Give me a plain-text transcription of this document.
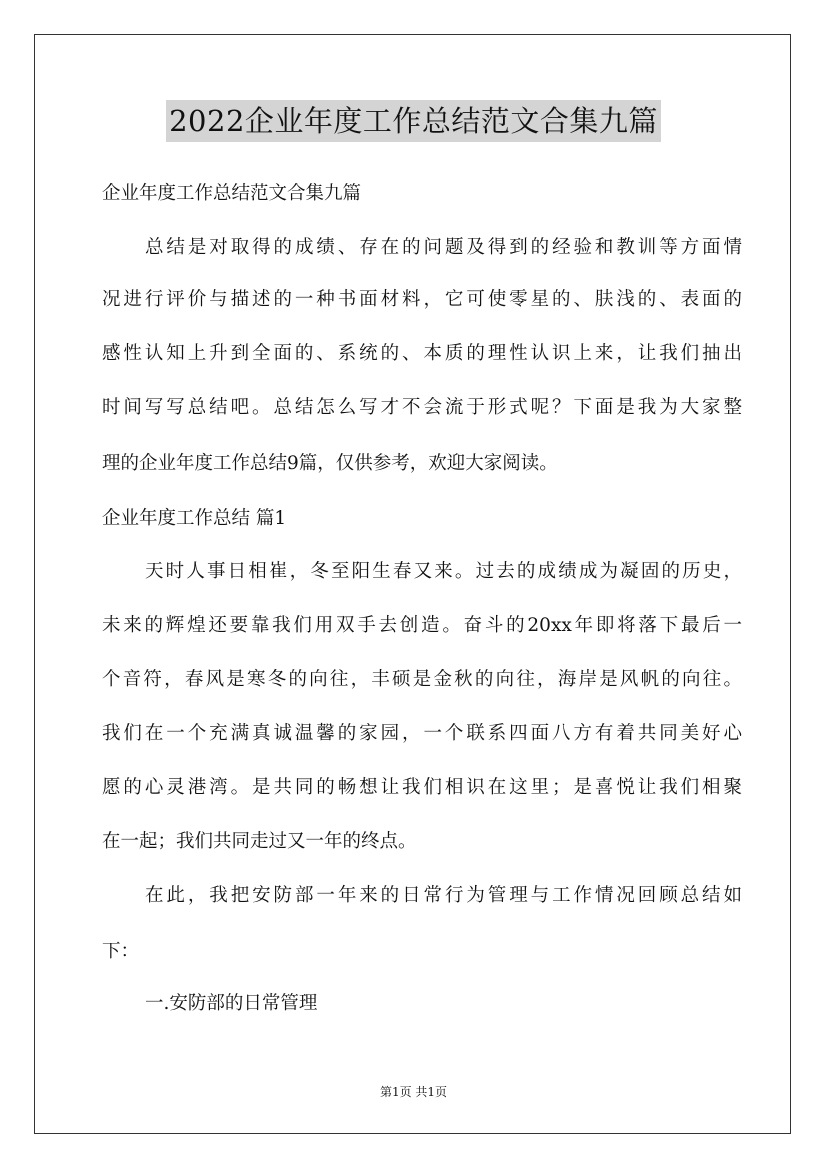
2022企业年度工作总结范文合集九篇
企业年度工作总结范文合集九篇
总结是对取得的成绩、存在的问题及得到的经验和教训等方面情
况进行评价与描述的一种书面材料，它可使零星的、肤浅的、表面的
感性认知上升到全面的、系统的、本质的理性认识上来，让我们抽出
时间写写总结吧。总结怎么写才不会流于形式呢？下面是我为大家整
理的企业年度工作总结9篇，仅供参考，欢迎大家阅读。
企业年度工作总结 篇1
天时人事日相崔，冬至阳生春又来。过去的成绩成为凝固的历史，
未来的辉煌还要靠我们用双手去创造。奋斗的20xx年即将落下最后一
个音符，春风是寒冬的向往，丰硕是金秋的向往，海岸是风帆的向往。
我们在一个充满真诚温馨的家园，一个联系四面八方有着共同美好心
愿的心灵港湾。是共同的畅想让我们相识在这里；是喜悦让我们相聚
在一起；我们共同走过又一年的终点。
在此，我把安防部一年来的日常行为管理与工作情况回顾总结如
下：
一.安防部的日常管理
第1页 共1页
